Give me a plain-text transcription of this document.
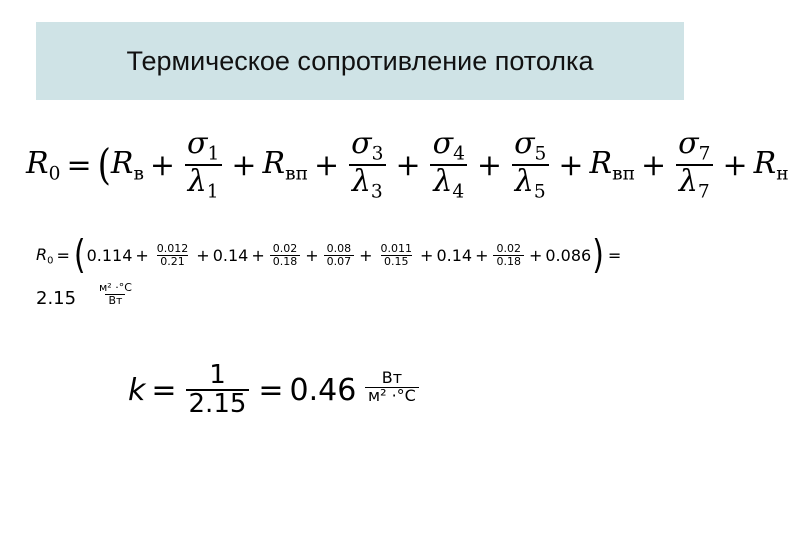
Термическое сопротивление потолка
$R_0$ = ( $R_в + \frac{\sigma_1}{\lambda_1} + R_{вп} + \frac{\sigma_3}{\lambda_3} + \frac{\sigma_4}{\lambda_4} + \frac{\sigma_5}{\lambda_5} + R_{вп} + \frac{\sigma_7}{\lambda_7} + R_н$
$R_0$ = ( $0.114 + \frac{0.012}{0.21} + 0.14 + \frac{0.02}{0.18} + \frac{0.08}{0.07} + \frac{0.011}{0.15} + 0.14 + \frac{0.02}{0.18} + 0.086$ ) =
2.15
м² ·°С
Вт
$k = \frac{1}{2.15} = 0.46$ Вт
м² ·°С
